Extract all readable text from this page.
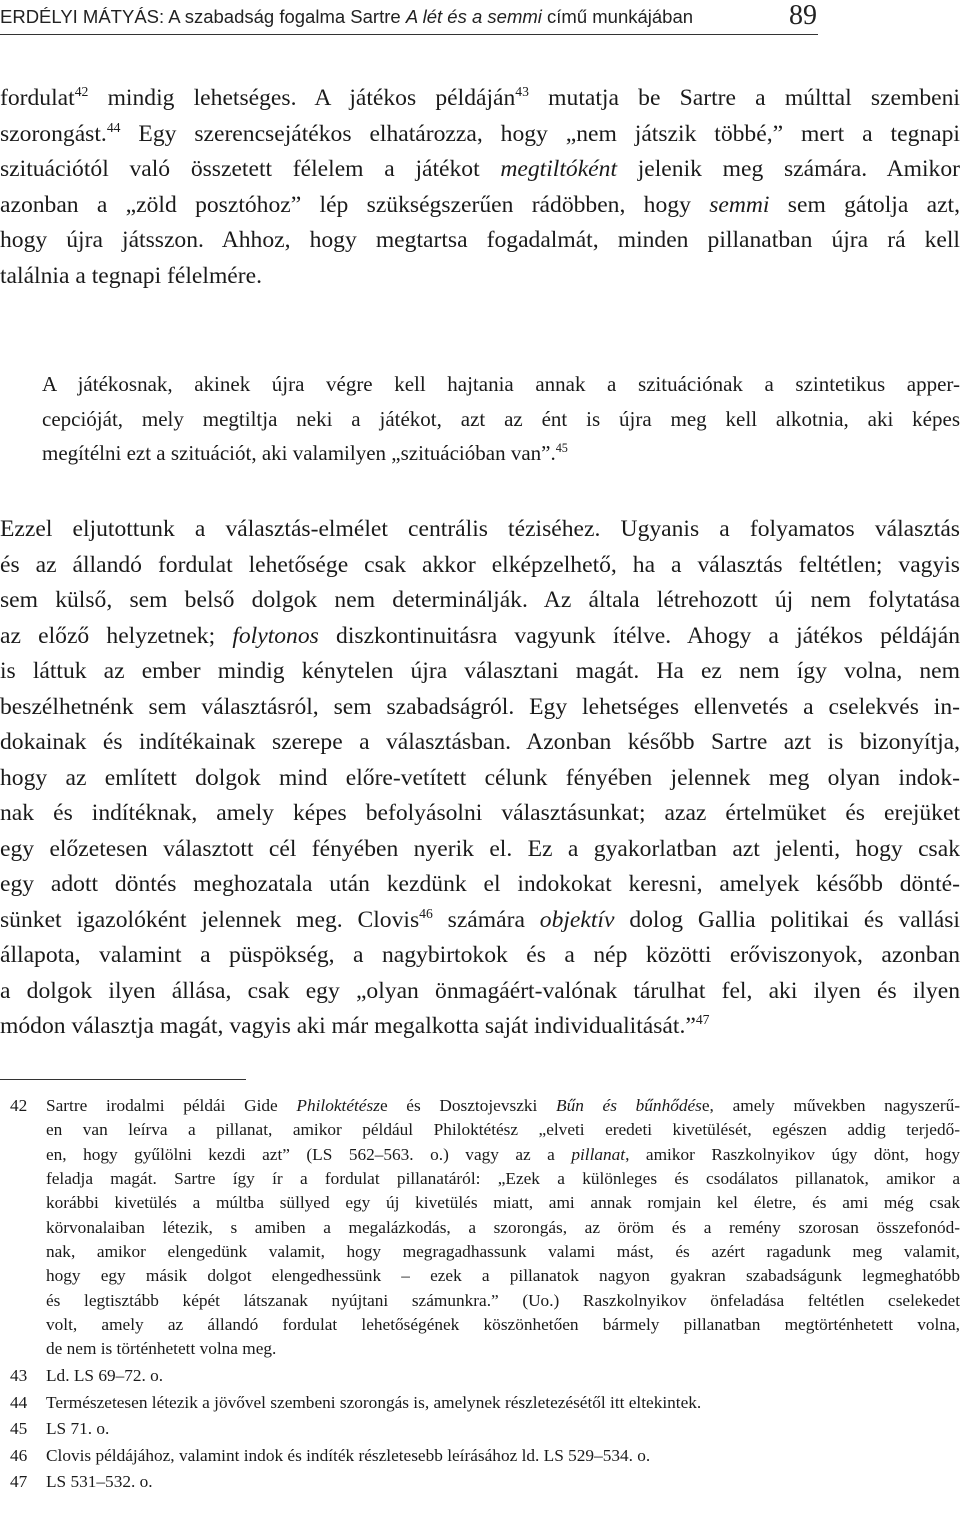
ERDÉLYI MÁTYÁS: A szabadság fogalma Sartre A lét és a semmi című munkájában	89
fordulat$^{42}$ mindig lehetséges. A játékos példáján$^{43}$ mutatja be Sartre a múlttal szembeni
szorongást.$^{44}$ Egy szerencsejátékos elhatározza, hogy „nem játszik többé,” mert a tegnapi
szituációtól való összetett félelem a játékot megtiltóként jelenik meg számára. Amikor
azonban a „zöld posztóhoz” lép szükségszerűen rádöbben, hogy semmi sem gátolja azt,
hogy újra játsszon. Ahhoz, hogy megtartsa fogadalmát, minden pillanatban újra rá kell
találnia a tegnapi félelmére.
A játékosnak, akinek újra végre kell hajtania annak a szituációnak a szintetikus apper-
cepcióját, mely megtiltja neki a játékot, azt az ént is újra meg kell alkotnia, aki képes
megítélni ezt a szituációt, aki valamilyen „szituációban van”.$^{45}$
Ezzel eljutottunk a választás-elmélet centrális téziséhez. Ugyanis a folyamatos választás
és az állandó fordulat lehetősége csak akkor elképzelhető, ha a választás feltétlen; vagyis
sem külső, sem belső dolgok nem determinálják. Az általa létrehozott új nem folytatása
az előző helyzetnek; folytonos diszkontinuitásra vagyunk ítélve. Ahogy a játékos példáján
is láttuk az ember mindig kénytelen újra választani magát. Ha ez nem így volna, nem
beszélhetnénk sem választásról, sem szabadságról. Egy lehetséges ellenvetés a cselekvés in-
dokainak és indítékainak szerepe a választásban. Azonban később Sartre azt is bizonyítja,
hogy az említett dolgok mind előre-vetített célunk fényében jelennek meg olyan indok-
nak és indítéknak, amely képes befolyásolni választásunkat; azaz értelmüket és erejüket
egy előzetesen választott cél fényében nyerik el. Ez a gyakorlatban azt jelenti, hogy csak
egy adott döntés meghozatala után kezdünk el indokokat keresni, amelyek később dönté-
sünket igazolóként jelennek meg. Clovis$^{46}$ számára objektív dolog Gallia politikai és vallási
állapota, valamint a püspökség, a nagybirtokok és a nép közötti erőviszonyok, azonban
a dolgok ilyen állása, csak egy „olyan önmagáért-valónak tárulhat fel, aki ilyen és ilyen
módon választja magát, vagyis aki már megalkotta saját individualitását.”$^{47}$
42 Sartre irodalmi példái Gide Philoktétésze és Dosztojevszki Bűn és bűnhődése, amely művekben nagyszerű-
en van leírva a pillanat, amikor például Philoktétész „elveti eredeti kivetülését, egészen addig terjedő-
en, hogy gyűlölni kezdi azt” (LS 562–563. o.) vagy az a pillanat, amikor Raszkolnyikov úgy dönt, hogy
feladja magát. Sartre így ír a fordulat pillanatáról: „Ezek a különleges és csodálatos pillanatok, amikor a
korábbi kivetülés a múltba süllyed egy új kivetülés miatt, ami annak romjain kel életre, és ami még csak
körvonalaiban létezik, s amiben a megalázkodás, a szorongás, az öröm és a remény szorosan összefonód-
nak, amikor elengedünk valamit, hogy megragadhassunk valami mást, és azért ragadunk meg valamit,
hogy egy másik dolgot elengedhessünk – ezek a pillanatok nagyon gyakran szabadságunk legmeghatóbb
és legtisztább képét látszanak nyújtani számunkra.” (Uo.) Raszkolnyikov önfeladása feltétlen cselekedet
volt, amely az állandó fordulat lehetőségének köszönhetően bármely pillanatban megtörténhetett volna,
de nem is történhetett volna meg.
43 Ld. LS 69–72. o.
44 Természetesen létezik a jövővel szembeni szorongás is, amelynek részletezésétől itt eltekintek.
45 LS 71. o.
46 Clovis példájához, valamint indok és indíték részletesebb leírásához ld. LS 529–534. o.
47 LS 531–532. o.
